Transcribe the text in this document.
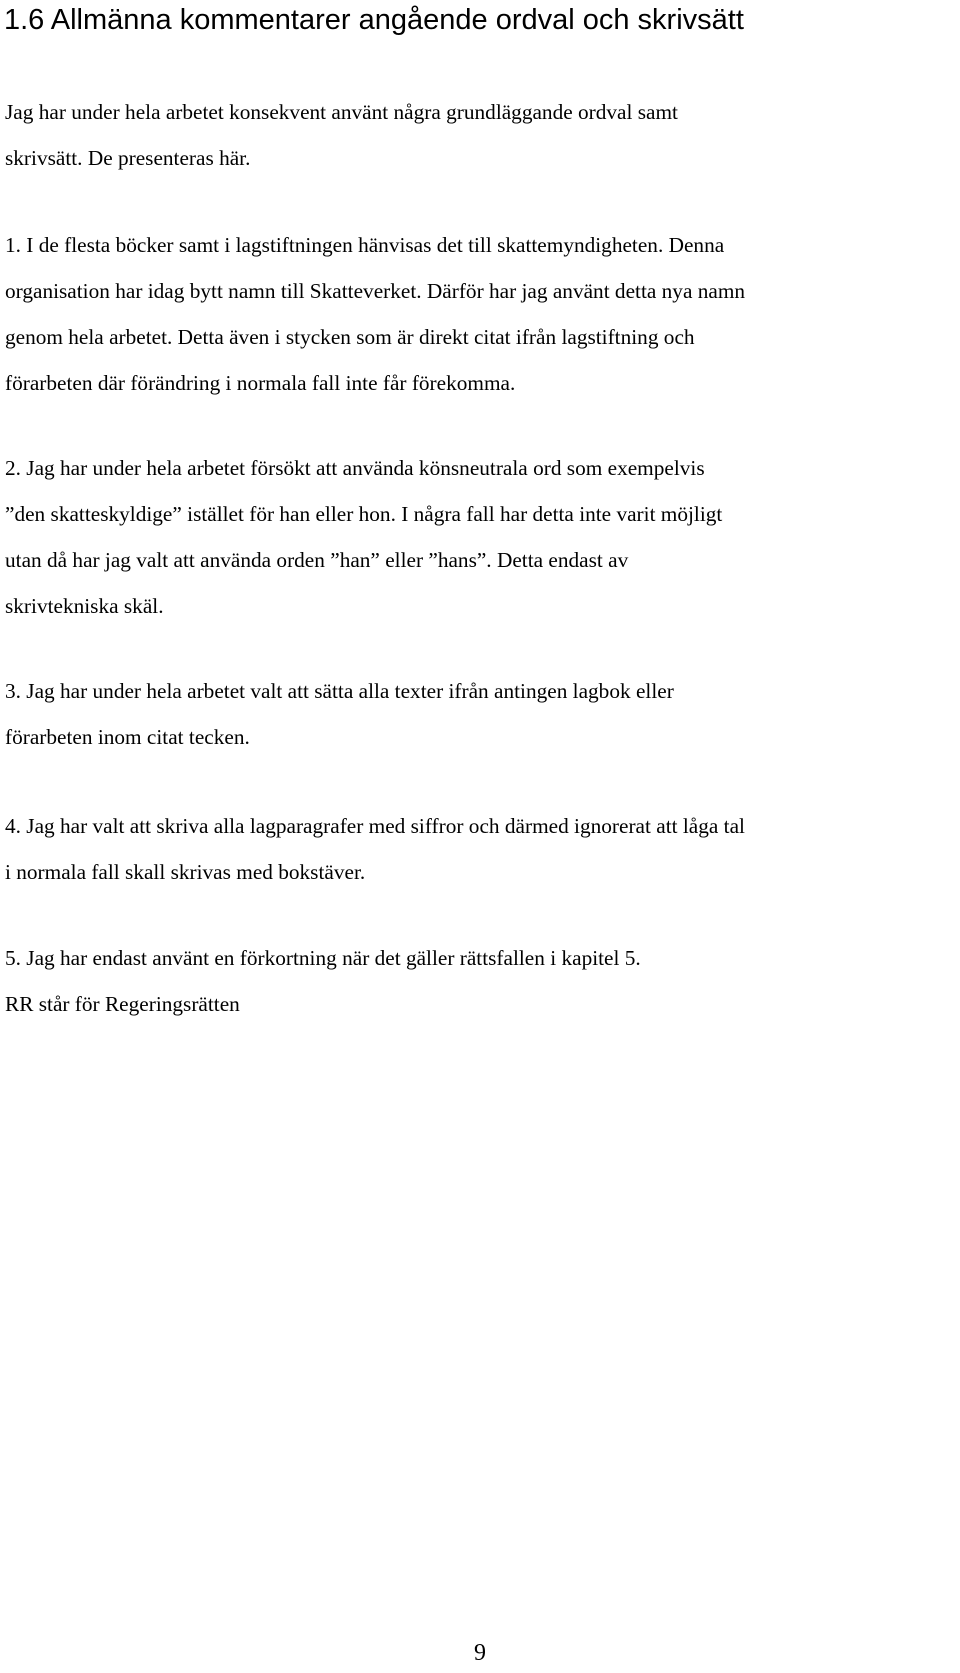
1.6 Allmänna kommentarer angående ordval och skrivsätt

Jag har under hela arbetet konsekvent använt några grundläggande ordval samt
skrivsätt. De presenteras här.

1. I de flesta böcker samt i lagstiftningen hänvisas det till skattemyndigheten. Denna
organisation har idag bytt namn till Skatteverket. Därför har jag använt detta nya namn
genom hela arbetet. Detta även i stycken som är direkt citat ifrån lagstiftning och
förarbeten där förändring i normala fall inte får förekomma.

2. Jag har under hela arbetet försökt att använda könsneutrala ord som exempelvis
”den skatteskyldige” istället för han eller hon. I några fall har detta inte varit möjligt
utan då har jag valt att använda orden ”han” eller ”hans”. Detta endast av
skrivtekniska skäl.

3. Jag har under hela arbetet valt att sätta alla texter ifrån antingen lagbok eller
förarbeten inom citat tecken.

4. Jag har valt att skriva alla lagparagrafer med siffror och därmed ignorerat att låga tal
i normala fall skall skrivas med bokstäver.

5. Jag har endast använt en förkortning när det gäller rättsfallen i kapitel 5.
RR står för Regeringsrätten

9
